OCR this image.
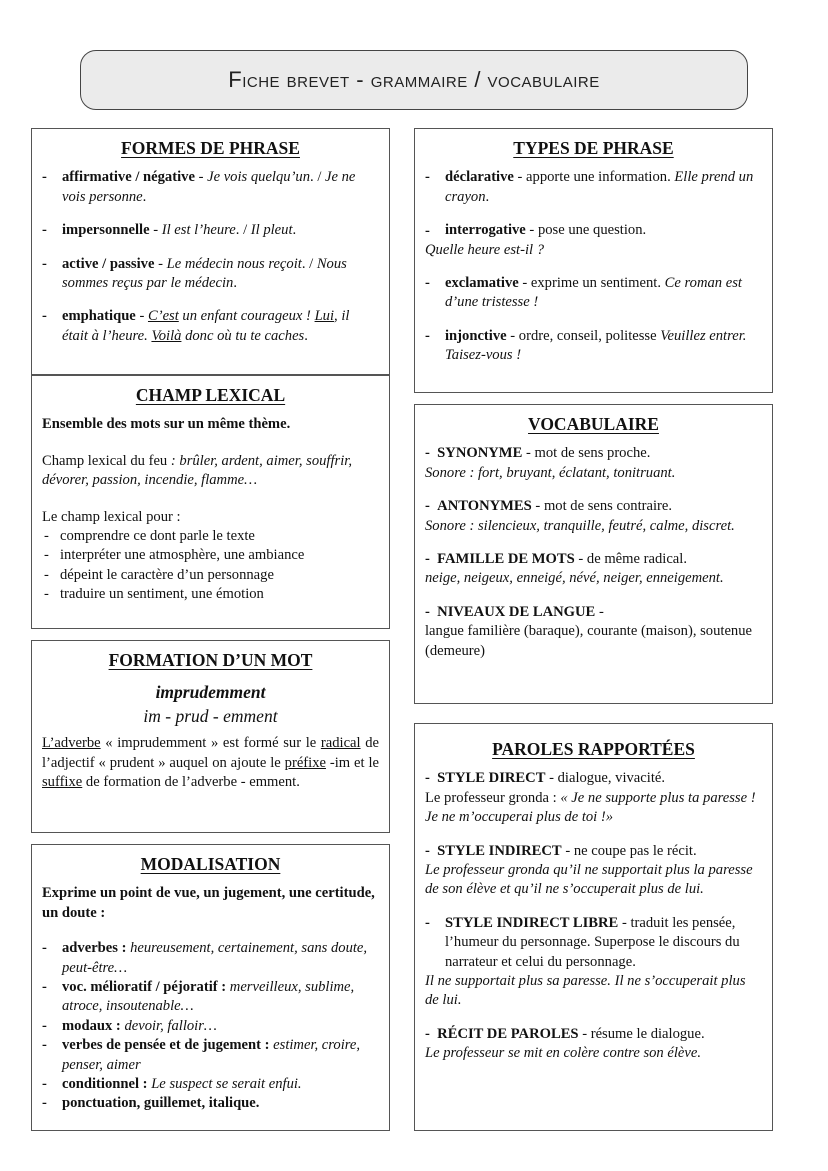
Fiche brevet - grammaire / vocabulaire
FORMES DE PHRASE
- affirmative / négative - Je vois quelqu’un. / Je ne vois personne.
- impersonnelle - Il est l’heure. / Il pleut.
- active / passive - Le médecin nous reçoit. / Nous sommes reçus par le médecin.
- emphatique - C’est un enfant courageux ! Lui, il était à l’heure. Voilà donc où tu te caches.
CHAMP LEXICAL

Ensemble des mots sur un même thème.

Champ lexical du feu : brûler, ardent, aimer, souffrir, dévorer, passion, incendie, flamme…

Le champ lexical pour :

- comprendre ce dont parle le texte
- interpréter une atmosphère, une ambiance
- dépeint le caractère d’un personnage
- traduire un sentiment, une émotion
FORMATION D’UN MOT
imprudemment
im - prud - emment

L’adverbe « imprudemment » est formé sur le radical de l’adjectif « prudent » auquel on ajoute le préfixe -im et le suffixe de formation de l’adverbe - emment.

MODALISATION

Exprime un point de vue, un jugement, une certitude, un doute :

- adverbes : heureusement, certainement, sans doute, peut-être…
- voc. mélioratif / péjoratif : merveilleux, sublime, atroce, insoutenable…
- modaux : devoir, falloir…
- verbes de pensée et de jugement : estimer, croire, penser, aimer
- conditionnel : Le suspect se serait enfui.
- ponctuation, guillemet, italique.
TYPES DE PHRASE
- déclarative - apporte une information. Elle prend un crayon.
- interrogative - pose une question.
Quelle heure est-il ?
- exclamative - exprime un sentiment. Ce roman est d’une tristesse !
- injonctive - ordre, conseil, politesse Veuillez entrer. Taisez-vous !
VOCABULAIRE
-  SYNONYME - mot de sens proche.
Sonore : fort, bruyant, éclatant, tonitruant.
-  ANTONYMES - mot de sens contraire.
Sonore : silencieux, tranquille, feutré, calme, discret.
-  FAMILLE DE MOTS - de même radical.
neige, neigeux, enneigé, névé, neiger, enneigement.
-  NIVEAUX DE LANGUE -
langue familière (baraque), courante (maison), soutenue (demeure)
PAROLES RAPPORTÉES
-  STYLE DIRECT - dialogue, vivacité.
Le professeur gronda : « Je ne supporte plus ta paresse ! Je ne m’occuperai plus de toi !»
-  STYLE INDIRECT - ne coupe pas le récit.
Le professeur gronda qu’il ne supportait plus la paresse de son élève et qu’il ne s’occuperait plus de lui.
- STYLE INDIRECT LIBRE - traduit les pensée, l’humeur du personnage. Superpose le discours du narrateur et celui du personnage.
Il ne supportait plus sa paresse. Il ne s’occuperait plus de lui.
-  RÉCIT DE PAROLES - résume le dialogue.
Le professeur se mit en colère contre son élève.
